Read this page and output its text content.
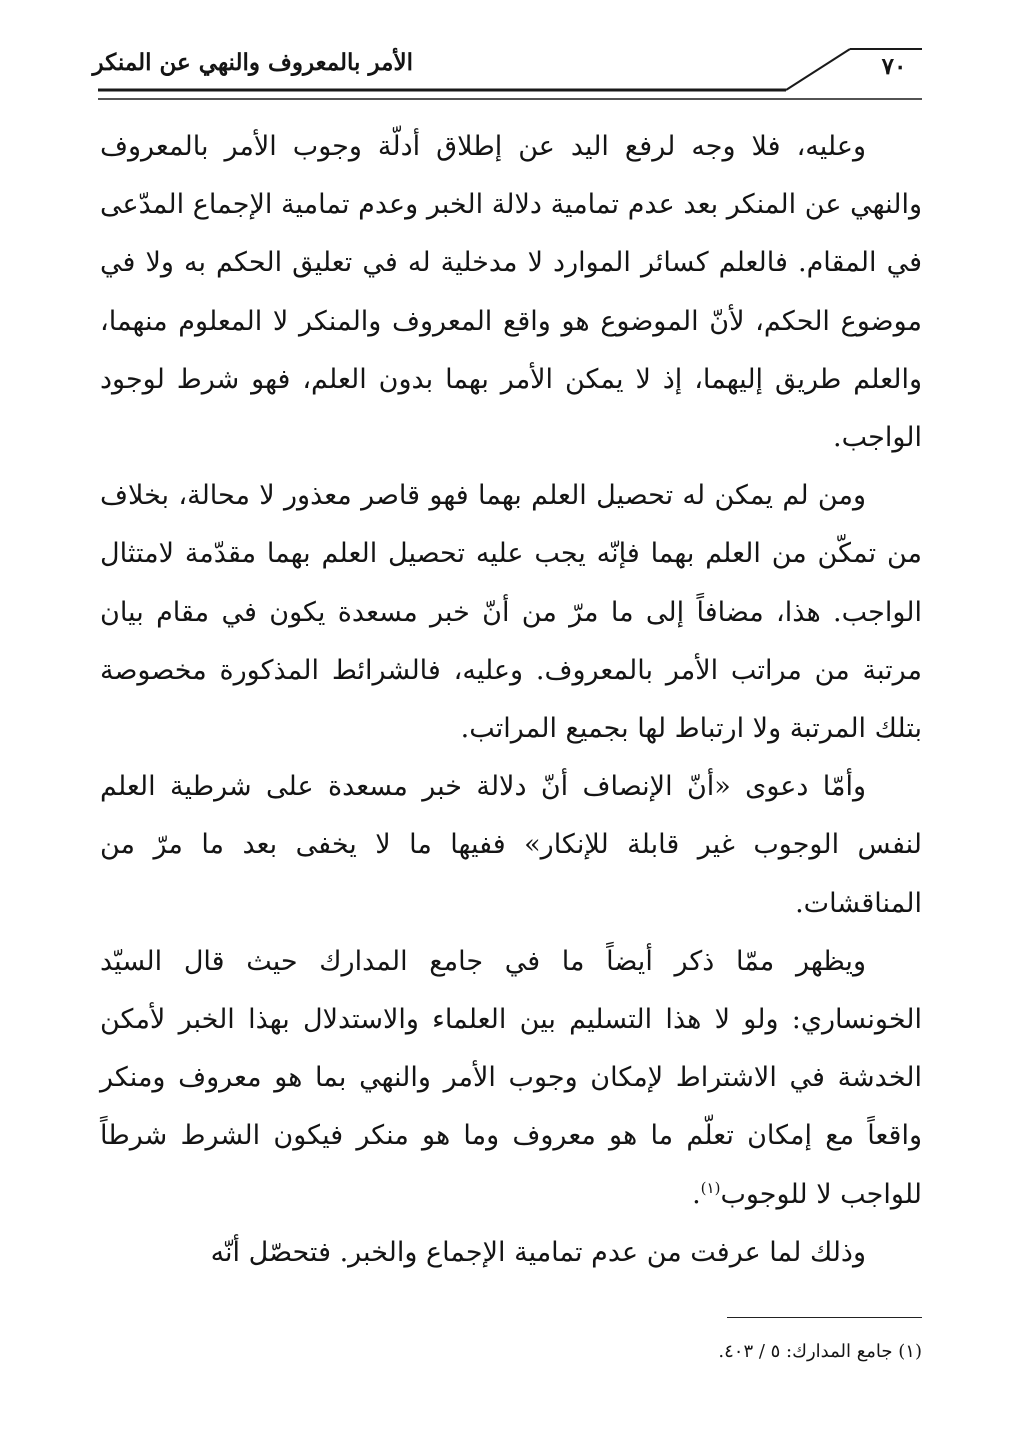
الأمر بالمعروف والنهي عن المنكر	٧٠

وعليه، فلا وجه لرفع اليد عن إطلاق أدلّة وجوب الأمر بالمعروف والنهي عن المنكر بعد عدم تمامية دلالة الخبر وعدم تمامية الإجماع المدّعى في المقام. فالعلم كسائر الموارد لا مدخلية له في تعليق الحكم به ولا في موضوع الحكم، لأنّ الموضوع هو واقع المعروف والمنكر لا المعلوم منهما، والعلم طريق إليهما، إذ لا يمكن الأمر بهما بدون العلم، فهو شرط لوجود الواجب.

ومن لم يمكن له تحصيل العلم بهما فهو قاصر معذور لا محالة، بخلاف من تمكّن من العلم بهما فإنّه يجب عليه تحصيل العلم بهما مقدّمة لامتثال الواجب. هذا، مضافاً إلى ما مرّ من أنّ خبر مسعدة يكون في مقام بيان مرتبة من مراتب الأمر بالمعروف. وعليه، فالشرائط المذكورة مخصوصة بتلك المرتبة ولا ارتباط لها بجميع المراتب.

وأمّا دعوى «أنّ الإنصاف أنّ دلالة خبر مسعدة على شرطية العلم لنفس الوجوب غير قابلة للإنكار» ففيها ما لا يخفى بعد ما مرّ من المناقشات.

ويظهر ممّا ذكر أيضاً ما في جامع المدارك حيث قال السيّد الخونساري: ولو لا هذا التسليم بين العلماء والاستدلال بهذا الخبر لأمكن الخدشة في الاشتراط لإمكان وجوب الأمر والنهي بما هو معروف ومنكر واقعاً مع إمكان تعلّم ما هو معروف وما هو منكر فيكون الشرط شرطاً للواجب لا للوجوب$^{(١)}$.

وذلك لما عرفت من عدم تمامية الإجماع والخبر. فتحصّل أنّه

(١) جامع المدارك: ٥ / ٤٠٣.
